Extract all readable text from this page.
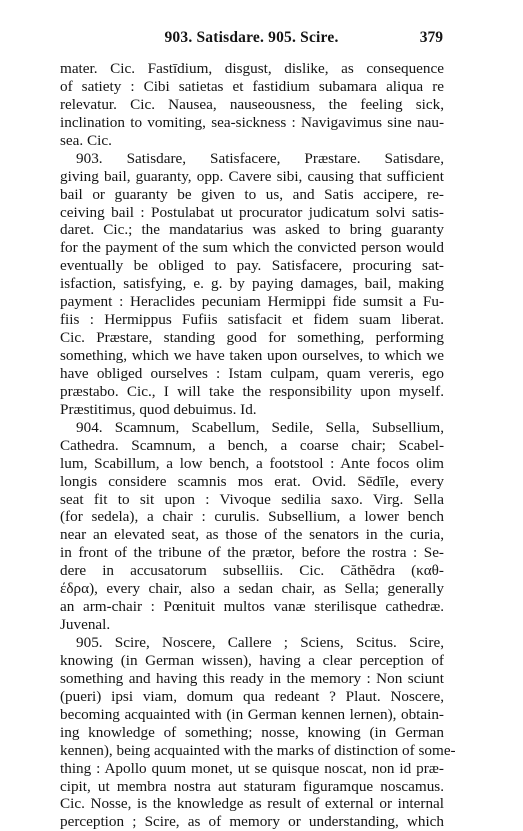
903. Satisdare. 905. Scire.	379
mater. Cic. Fastīdium, disgust, dislike, as consequence
of satiety : Cibi satietas et fastidium subamara aliqua re
relevatur. Cic. Nausea, nauseousness, the feeling sick,
inclination to vomiting, sea-sickness : Navigavimus sine nau-
sea. Cic.
903. Satisdare, Satisfacere, Præstare. Satisdare,
giving bail, guaranty, opp. Cavere sibi, causing that sufficient
bail or guaranty be given to us, and Satis accipere, re-
ceiving bail : Postulabat ut procurator judicatum solvi satis-
daret. Cic.; the mandatarius was asked to bring guaranty
for the payment of the sum which the convicted person would
eventually be obliged to pay. Satisfacere, procuring sat-
isfaction, satisfying, e. g. by paying damages, bail, making
payment : Heraclides pecuniam Hermippi fide sumsit a Fu-
fiis : Hermippus Fufiis satisfacit et fidem suam liberat.
Cic. Præstare, standing good for something, performing
something, which we have taken upon ourselves, to which we
have obliged ourselves : Istam culpam, quam vereris, ego
præstabo. Cic., I will take the responsibility upon myself.
Præstitimus, quod debuimus. Id.
904. Scamnum, Scabellum, Sedile, Sella, Subsellium,
Cathedra. Scamnum, a bench, a coarse chair; Scabel-
lum, Scabillum, a low bench, a footstool : Ante focos olim
longis considere scamnis mos erat. Ovid. Sēdīle, every
seat fit to sit upon : Vivoque sedilia saxo. Virg. Sella
(for sedela), a chair : curulis. Subsellium, a lower bench
near an elevated seat, as those of the senators in the curia,
in front of the tribune of the prætor, before the rostra : Se-
dere in accusatorum subselliis. Cic. Căthĕdra (καθ-
έδρα), every chair, also a sedan chair, as Sella; generally
an arm-chair : Pœnituit multos vanæ sterilisque cathedræ.
Juvenal.
905. Scire, Noscere, Callere ; Sciens, Scitus. Scire,
knowing (in German wissen), having a clear perception of
something and having this ready in the memory : Non sciunt
(pueri) ipsi viam, domum qua redeant ? Plaut. Noscere,
becoming acquainted with (in German kennen lernen), obtain-
ing knowledge of something; nosse, knowing (in German
kennen), being acquainted with the marks of distinction of some-
thing : Apollo quum monet, ut se quisque noscat, non id præ-
cipit, ut membra nostra aut staturam figuramque noscamus.
Cic. Nosse, is the knowledge as result of external or internal
perception ; Scire, as of memory or understanding, which
